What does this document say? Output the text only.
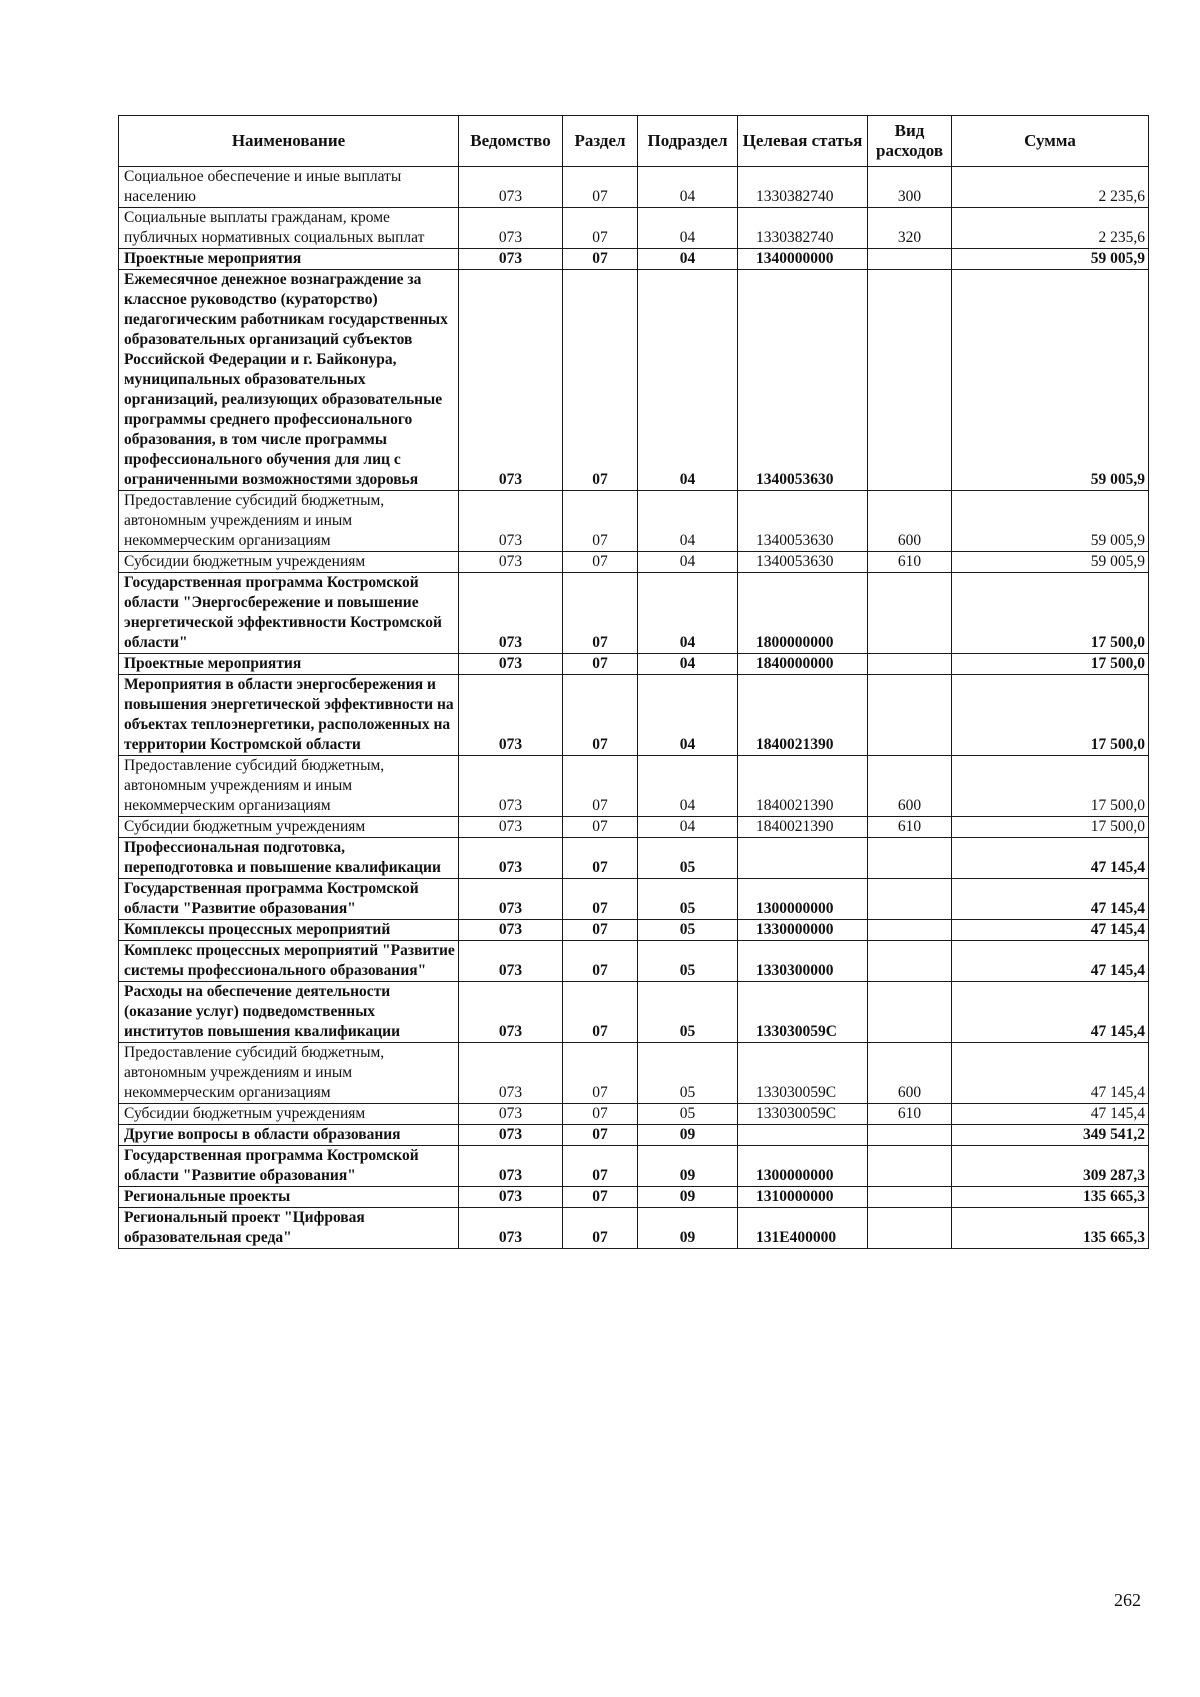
Наименование	Ведомство	Раздел	Подраздел	Целевая статья	Вид расходов	Сумма
Социальное обеспечение и иные выплаты населению	073	07	04	1330382740	300	2 235,6
Социальные выплаты гражданам, кроме публичных нормативных социальных выплат	073	07	04	1330382740	320	2 235,6
Проектные мероприятия	073	07	04	1340000000		59 005,9
Ежемесячное денежное вознаграждение за классное руководство (кураторство) педагогическим работникам государственных образовательных организаций субъектов Российской Федерации и г. Байконура, муниципальных образовательных организаций, реализующих образовательные программы среднего профессионального образования, в том числе программы профессионального обучения для лиц с ограниченными возможностями здоровья	073	07	04	1340053630		59 005,9
Предоставление субсидий бюджетным, автономным учреждениям и иным некоммерческим организациям	073	07	04	1340053630	600	59 005,9
Субсидии бюджетным учреждениям	073	07	04	1340053630	610	59 005,9
Государственная программа Костромской области "Энергосбережение и повышение энергетической эффективности Костромской области"	073	07	04	1800000000		17 500,0
Проектные мероприятия	073	07	04	1840000000		17 500,0
Мероприятия в области энергосбережения и повышения энергетической эффективности на объектах теплоэнергетики, расположенных на территории Костромской области	073	07	04	1840021390		17 500,0
Предоставление субсидий бюджетным, автономным учреждениям и иным некоммерческим организациям	073	07	04	1840021390	600	17 500,0
Субсидии бюджетным учреждениям	073	07	04	1840021390	610	17 500,0
Профессиональная подготовка, переподготовка и повышение квалификации	073	07	05			47 145,4
Государственная программа Костромской области "Развитие образования"	073	07	05	1300000000		47 145,4
Комплексы процессных мероприятий	073	07	05	1330000000		47 145,4
Комплекс процессных мероприятий "Развитие системы профессионального образования"	073	07	05	1330300000		47 145,4
Расходы на обеспечение деятельности (оказание услуг) подведомственных институтов повышения квалификации	073	07	05	133030059С		47 145,4
Предоставление субсидий бюджетным, автономным учреждениям и иным некоммерческим организациям	073	07	05	133030059С	600	47 145,4
Субсидии бюджетным учреждениям	073	07	05	133030059С	610	47 145,4
Другие вопросы в области образования	073	07	09			349 541,2
Государственная программа Костромской области "Развитие образования"	073	07	09	1300000000		309 287,3
Региональные проекты	073	07	09	1310000000		135 665,3
Региональный проект "Цифровая образовательная среда"	073	07	09	131Е400000		135 665,3
262
